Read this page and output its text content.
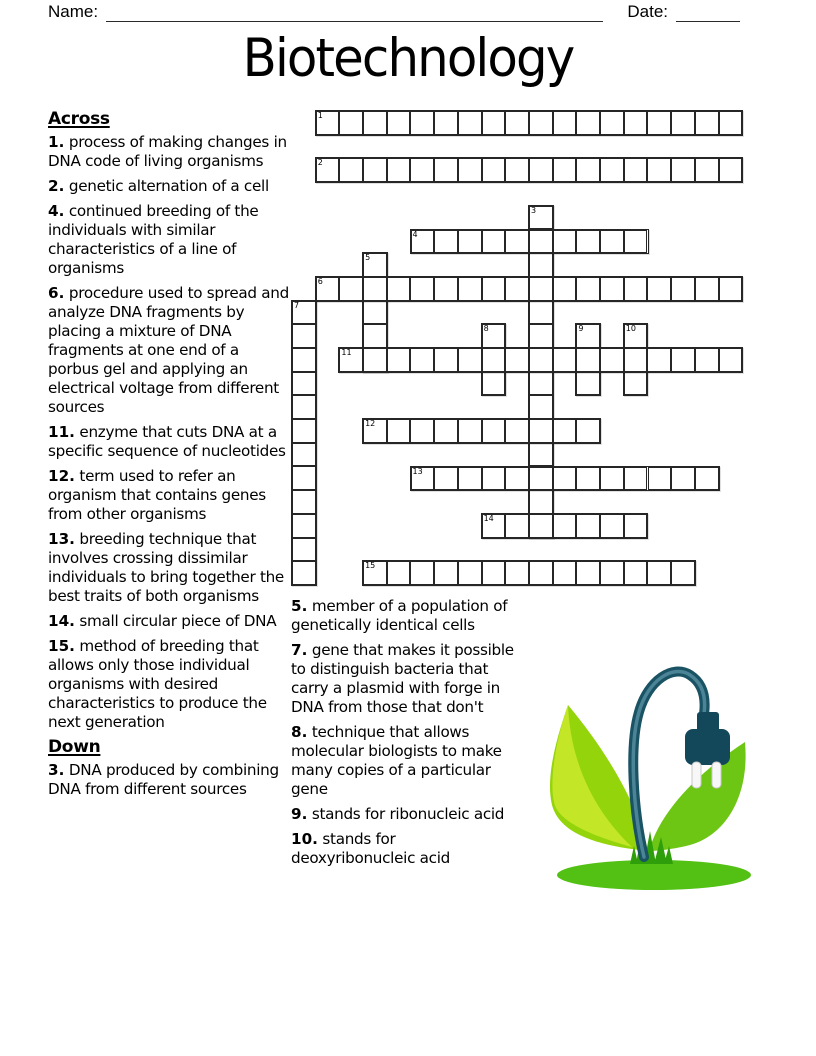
Name:	Date:
Biotechnology
1
2
3
4
5
6
7
8	9	10
11
12
13
14
15
Across

1. process of making changes in DNA code of living organisms

2. genetic alternation of a cell

4. continued breeding of the individuals with similar characteristics of a line of organisms

6. procedure used to spread and analyze DNA fragments by placing a mixture of DNA fragments at one end of a porbus gel and applying an electrical voltage from different sources

11. enzyme that cuts DNA at a specific sequence of nucleotides

12. term used to refer an organism that contains genes from other organisms

13. breeding technique that involves crossing dissimilar individuals to bring together the best traits of both organisms

14. small circular piece of DNA

15. method of breeding that allows only those individual organisms with desired characteristics to produce the next generation

Down

3. DNA produced by combining DNA from different sources

5. member of a population of genetically identical cells

7. gene that makes it possible to distinguish bacteria that carry a plasmid with forge in DNA from those that don't

8. technique that allows molecular biologists to make many copies of a particular gene

9. stands for ribonucleic acid

10. stands for deoxyribonucleic acid
